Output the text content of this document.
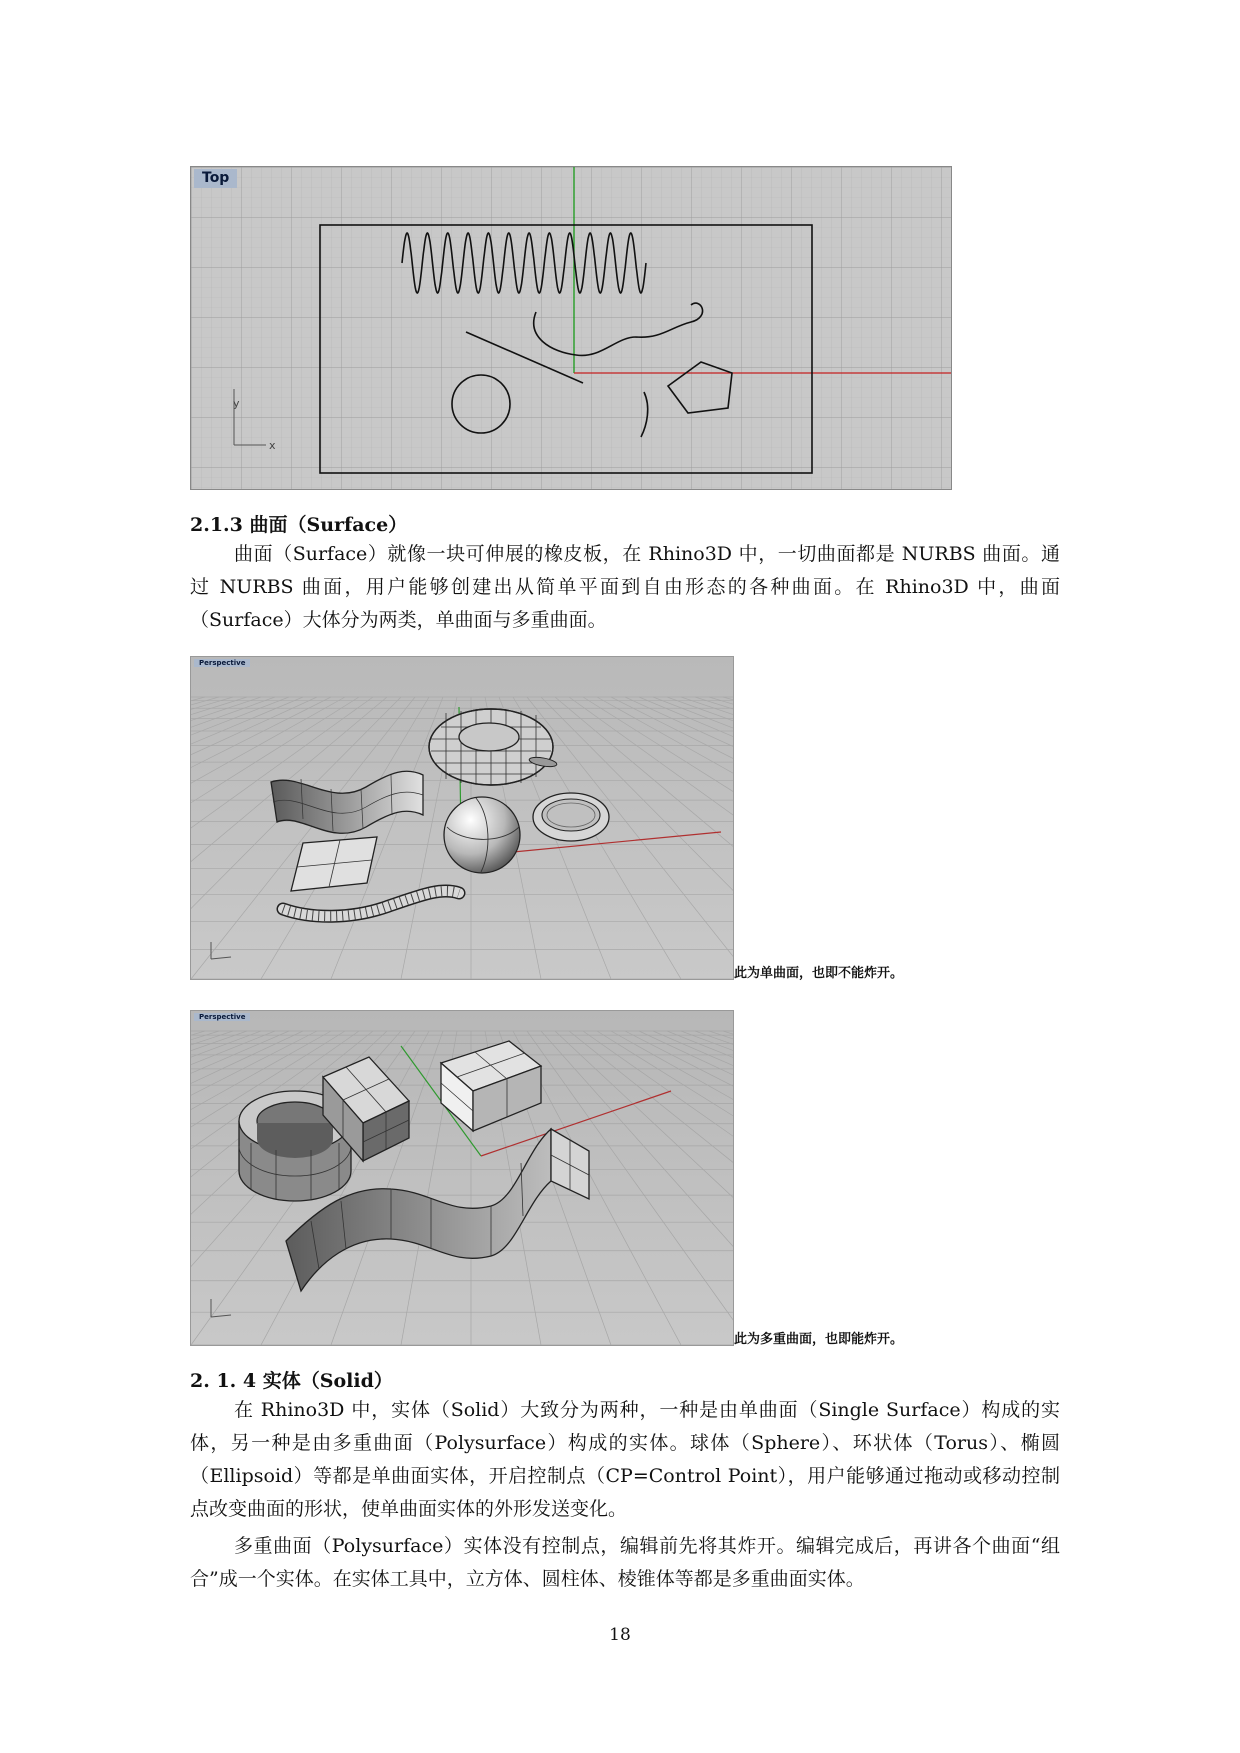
y
x
Top
2.1.3 曲面（Surface）

曲面（Surface）就像一块可伸展的橡皮板，在 Rhino3D 中，一切曲面都是 NURBS 曲面。通过 NURBS 曲面，用户能够创建出从简单平面到自由形态的各种曲面。在 Rhino3D 中，曲面（Surface）大体分为两类，单曲面与多重曲面。

Perspective
此为单曲面，也即不能炸开。
Perspective
此为多重曲面，也即能炸开。
2. 1. 4 实体（Solid）

在 Rhino3D 中，实体（Solid）大致分为两种，一种是由单曲面（Single Surface）构成的实体，另一种是由多重曲面（Polysurface）构成的实体。球体（Sphere）、环状体（Torus）、椭圆（Ellipsoid）等都是单曲面实体，开启控制点（CP=Control Point），用户能够通过拖动或移动控制点改变曲面的形状，使单曲面实体的外形发送变化。

多重曲面（Polysurface）实体没有控制点，编辑前先将其炸开。编辑完成后，再讲各个曲面“组合”成一个实体。在实体工具中，立方体、圆柱体、棱锥体等都是多重曲面实体。

18
